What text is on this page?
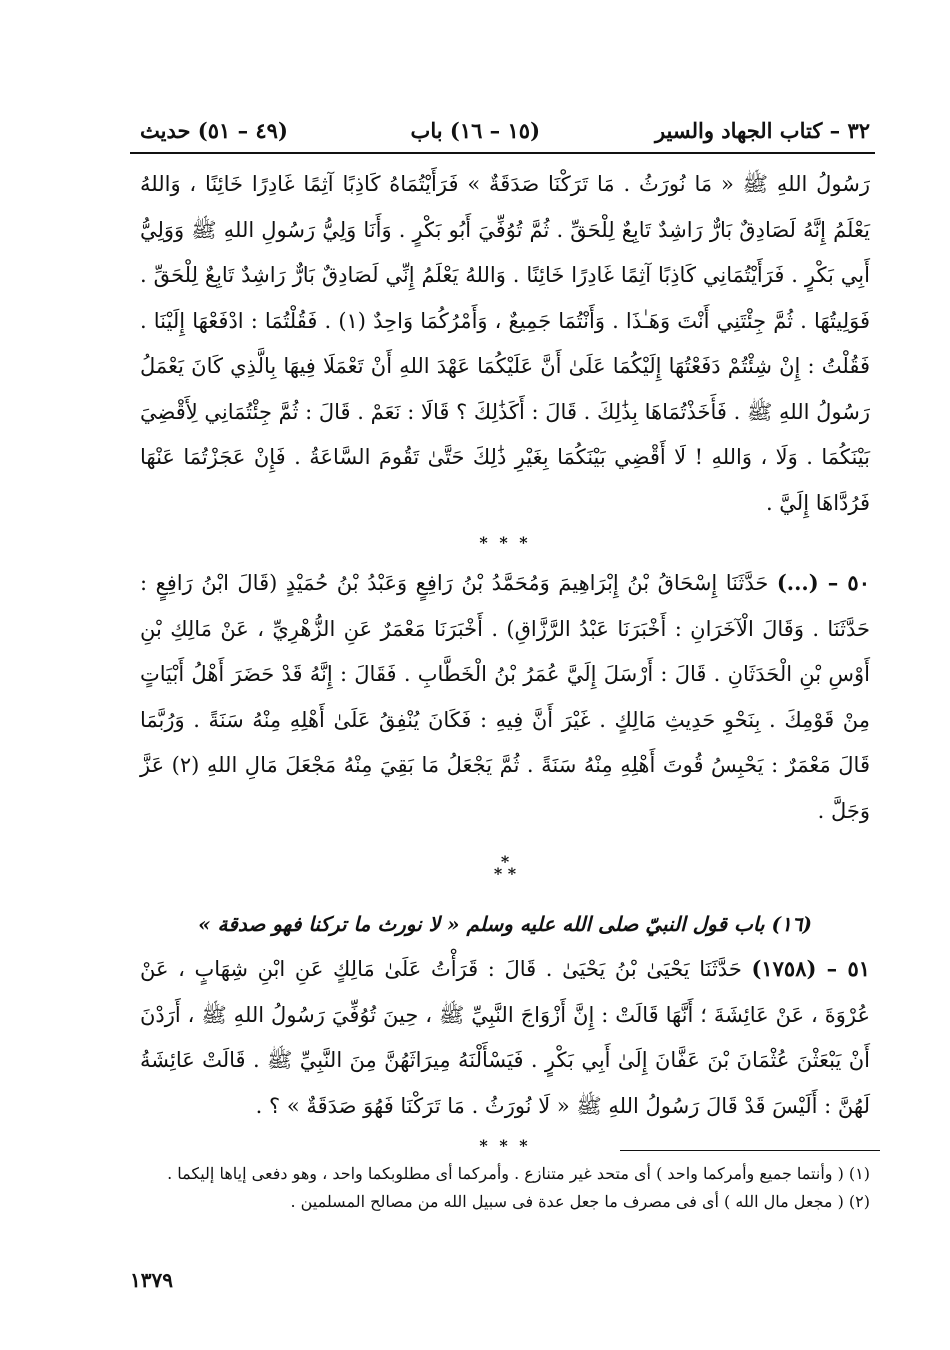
٣٢ – كتاب الجهاد والسير
(١٥ – ١٦) باب
(٤٩ – ٥١) حديث

رَسُولُ اللهِ ﷺ « مَا نُورَثُ . مَا تَرَكْنَا صَدَقَةٌ » فَرَأَيْتُمَاهُ كَاذِبًا آثِمًا غَادِرًا خَائِنًا ، وَاللهُ يَعْلَمُ إِنَّهُ لَصَادِقٌ بَارٌّ رَاشِدٌ تَابِعٌ لِلْحَقِّ . ثُمَّ تُوُفِّيَ أَبُو بَكْرٍ . وَأَنَا وَلِيُّ رَسُولِ اللهِ ﷺ وَوَلِيُّ أَبِي بَكْرٍ . فَرَأَيْتُمَانِي كَاذِبًا آثِمًا غَادِرًا خَائِنًا . وَاللهُ يَعْلَمُ إِنِّي لَصَادِقٌ بَارٌّ رَاشِدٌ تَابِعٌ لِلْحَقِّ . فَوَلِيتُهَا . ثُمَّ جِئْتَنِي أَنْتَ وَهَـٰذَا . وَأَنْتُمَا جَمِيعٌ ، وَأَمْرُكُمَا وَاحِدٌ (١) . فَقُلْتُمَا : ادْفَعْهَا إِلَيْنَا . فَقُلْتُ : إِنْ شِئْتُمْ دَفَعْتُهَا إِلَيْكُمَا عَلَىٰ أَنَّ عَلَيْكُمَا عَهْدَ اللهِ أَنْ تَعْمَلَا فِيهَا بِالَّذِي كَانَ يَعْمَلُ رَسُولُ اللهِ ﷺ . فَأَخَذْتُمَاهَا بِذَٰلِكَ . قَالَ : أَكَذَٰلِكَ ؟ قَالَا : نَعَمْ . قَالَ : ثُمَّ جِئْتُمَانِي لِأَقْضِيَ بَيْنَكُمَا . وَلَا ، وَاللهِ ! لَا أَقْضِي بَيْنَكُمَا بِغَيْرِ ذَٰلِكَ حَتَّىٰ تَقُومَ السَّاعَةُ . فَإِنْ عَجَزْتُمَا عَنْهَا فَرُدَّاهَا إِلَيَّ .

* * *

٥٠ – (...) حَدَّثَنَا إِسْحَاقُ بْنُ إِبْرَاهِيمَ وَمُحَمَّدُ بْنُ رَافِعٍ وَعَبْدُ بْنُ حُمَيْدٍ (قَالَ ابْنُ رَافِعٍ : حَدَّثَنَا . وَقَالَ الْآخَرَانِ : أَخْبَرَنَا عَبْدُ الرَّزَّاقِ) . أَخْبَرَنَا مَعْمَرٌ عَنِ الزُّهْرِيِّ ، عَنْ مَالِكِ بْنِ أَوْسِ بْنِ الْحَدَثَانِ . قَالَ : أَرْسَلَ إِلَيَّ عُمَرُ بْنُ الْخَطَّابِ . فَقَالَ : إِنَّهُ قَدْ حَضَرَ أَهْلُ أَبْيَاتٍ مِنْ قَوْمِكَ . بِنَحْوِ حَدِيثِ مَالِكٍ . غَيْرَ أَنَّ فِيهِ : فَكَانَ يُنْفِقُ عَلَىٰ أَهْلِهِ مِنْهُ سَنَةً . وَرُبَّمَا قَالَ مَعْمَرٌ : يَحْبِسُ قُوتَ أَهْلِهِ مِنْهُ سَنَةً . ثُمَّ يَجْعَلُ مَا بَقِيَ مِنْهُ مَجْعَلَ مَالِ اللهِ (٢) عَزَّ وَجَلَّ .

*
* *
(١٦) باب قول النبيّ صلى الله عليه وسلم « لا نورث ما تركنا فهو صدقة »

٥١ – (١٧٥٨) حَدَّثَنَا يَحْيَىٰ بْنُ يَحْيَىٰ . قَالَ : قَرَأْتُ عَلَىٰ مَالِكٍ عَنِ ابْنِ شِهَابٍ ، عَنْ عُرْوَةَ ، عَنْ عَائِشَةَ ؛ أَنَّهَا قَالَتْ : إِنَّ أَزْوَاجَ النَّبِيِّ ﷺ ، حِينَ تُوُفِّيَ رَسُولُ اللهِ ﷺ ، أَرَدْنَ أَنْ يَبْعَثْنَ عُثْمَانَ بْنَ عَفَّانَ إِلَىٰ أَبِي بَكْرٍ . فَيَسْأَلْنَهُ مِيرَاثَهُنَّ مِنَ النَّبِيِّ ﷺ . قَالَتْ عَائِشَةُ لَهُنَّ : أَلَيْسَ قَدْ قَالَ رَسُولُ اللهِ ﷺ « لَا نُورَثُ . مَا تَرَكْنَا فَهُوَ صَدَقَةٌ » ؟ .

* * *
(١) ( وأنتما جميع وأمركما واحد ) أى متحد غير متنازع . وأمركما أى مطلوبكما واحد ، وهو دفعى إياها إليكما .
(٢) ( مجعل مال الله ) أى فى مصرف ما جعل عدة فى سبيل الله من مصالح المسلمين .
١٣٧٩
